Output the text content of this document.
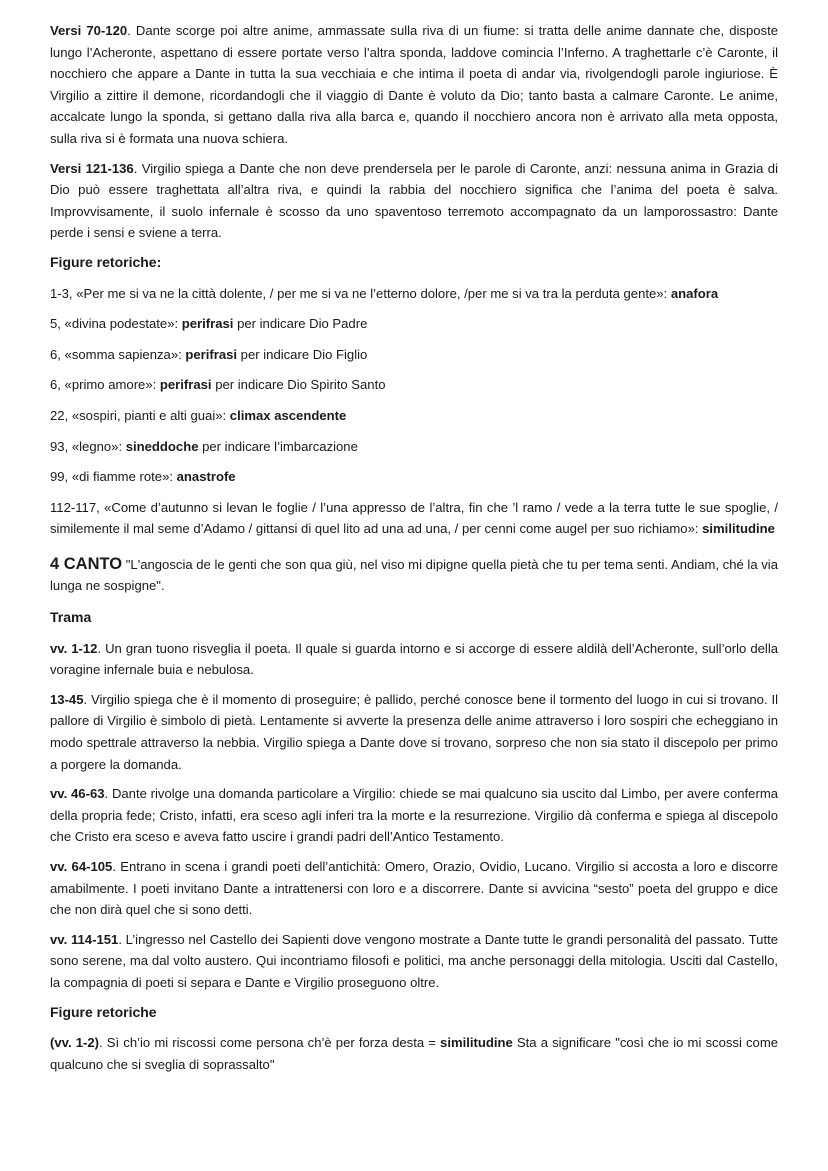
Versi 70-120. Dante scorge poi altre anime, ammassate sulla riva di un fiume: si tratta delle anime dannate che, disposte lungo l’Acheronte, aspettano di essere portate verso l’altra sponda, laddove comincia l’Inferno. A traghettarle c’è Caronte, il nocchiero che appare a Dante in tutta la sua vecchiaia e che intima il poeta di andar via, rivolgendogli parole ingiuriose. È Virgilio a zittire il demone, ricordandogli che il viaggio di Dante è voluto da Dio; tanto basta a calmare Caronte. Le anime, accalcate lungo la sponda, si gettano dalla riva alla barca e, quando il nocchiero ancora non è arrivato alla meta opposta, sulla riva si è formata una nuova schiera.

Versi 121-136. Virgilio spiega a Dante che non deve prendersela per le parole di Caronte, anzi: nessuna anima in Grazia di Dio può essere traghettata all’altra riva, e quindi la rabbia del nocchiero significa che l’anima del poeta è salva. Improvvisamente, il suolo infernale è scosso da uno spaventoso terremoto accompagnato da un lamporossastro: Dante perde i sensi e sviene a terra.

Figure retoriche:

1-3, «Per me si va ne la città dolente, / per me si va ne l’etterno dolore, /per me si va tra la perduta gente»: anafora

5, «divina podestate»: perifrasi per indicare Dio Padre

6, «somma sapienza»: perifrasi per indicare Dio Figlio

6, «primo amore»: perifrasi per indicare Dio Spirito Santo

22, «sospiri, pianti e alti guai»: climax ascendente

93, «legno»: sineddoche per indicare l’imbarcazione

99, «di fiamme rote»: anastrofe

112-117, «Come d’autunno si levan le foglie / l’una appresso de l’altra, fin che ’l ramo / vede a la terra tutte le sue spoglie, / similemente il mal seme d’Adamo / gittansi di quel lito ad una ad una, / per cenni come augel per suo richiamo»: similitudine

4 CANTO "L'angoscia de le genti che son qua giù, nel viso mi dipigne quella pietà che tu per tema senti. Andiam, ché la via lunga ne sospigne".

Trama

vv. 1-12. Un gran tuono risveglia il poeta. Il quale si guarda intorno e si accorge di essere aldilà dell’Acheronte, sull’orlo della voragine infernale buia e nebulosa.

13-45. Virgilio spiega che è il momento di proseguire; è pallido, perché conosce bene il tormento del luogo in cui si trovano. Il pallore di Virgilio è simbolo di pietà. Lentamente si avverte la presenza delle anime attraverso i loro sospiri che echeggiano in modo spettrale attraverso la nebbia. Virgilio spiega a Dante dove si trovano, sorpreso che non sia stato il discepolo per primo a porgere la domanda.

vv. 46-63. Dante rivolge una domanda particolare a Virgilio: chiede se mai qualcuno sia uscito dal Limbo, per avere conferma della propria fede; Cristo, infatti, era sceso agli inferi tra la morte e la resurrezione. Virgilio dà conferma e spiega al discepolo che Cristo era sceso e aveva fatto uscire i grandi padri dell’Antico Testamento.

vv. 64-105. Entrano in scena i grandi poeti dell’antichità: Omero, Orazio, Ovidio, Lucano. Virgilio si accosta a loro e discorre amabilmente. I poeti invitano Dante a intrattenersi con loro e a discorrere. Dante si avvicina “sesto” poeta del gruppo e dice che non dirà quel che si sono detti.

vv. 114-151. L’ingresso nel Castello dei Sapienti dove vengono mostrate a Dante tutte le grandi personalità del passato. Tutte sono serene, ma dal volto austero. Qui incontriamo filosofi e politici, ma anche personaggi della mitologia. Usciti dal Castello, la compagnia di poeti si separa e Dante e Virgilio proseguono oltre.

Figure retoriche

(vv. 1-2). Sì ch’io mi riscossi come persona ch’è per forza desta = similitudine Sta a significare "così che io mi scossi come qualcuno che si sveglia di soprassalto"
